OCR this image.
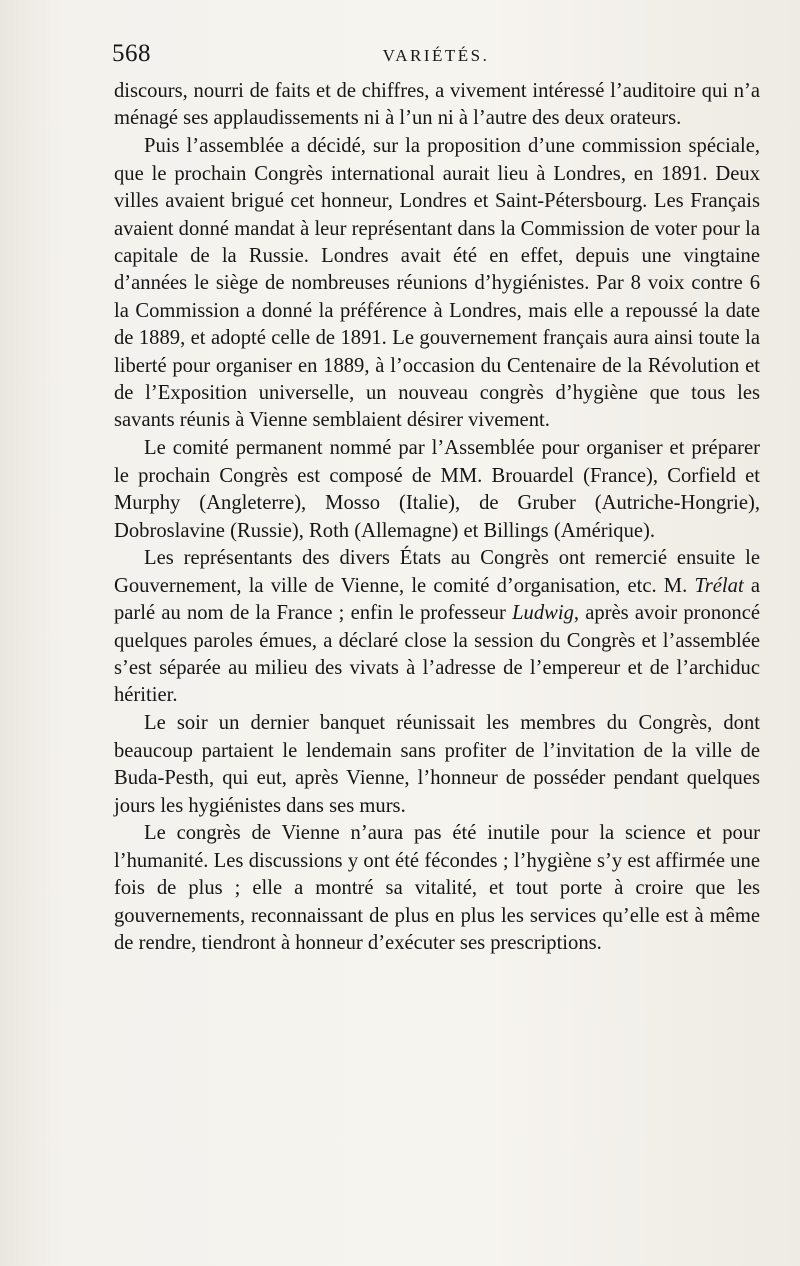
568	VARIÉTÉS.

discours, nourri de faits et de chiffres, a vivement intéressé l’auditoire qui n’a ménagé ses applaudissements ni à l’un ni à l’autre des deux orateurs.

Puis l’assemblée a décidé, sur la proposition d’une commission spéciale, que le prochain Congrès international aurait lieu à Londres, en 1891. Deux villes avaient brigué cet honneur, Londres et Saint-Pétersbourg. Les Français avaient donné mandat à leur représentant dans la Commission de voter pour la capitale de la Russie. Londres avait été en effet, depuis une vingtaine d’années le siège de nombreuses réunions d’hygiénistes. Par 8 voix contre 6 la Commission a donné la préférence à Londres, mais elle a repoussé la date de 1889, et adopté celle de 1891. Le gouvernement français aura ainsi toute la liberté pour organiser en 1889, à l’occasion du Centenaire de la Révolution et de l’Exposition universelle, un nouveau congrès d’hygiène que tous les savants réunis à Vienne semblaient désirer vivement.

Le comité permanent nommé par l’Assemblée pour organiser et préparer le prochain Congrès est composé de MM. Brouardel (France), Corfield et Murphy (Angleterre), Mosso (Italie), de Gruber (Autriche-Hongrie), Dobroslavine (Russie), Roth (Allemagne) et Billings (Amérique).

Les représentants des divers États au Congrès ont remercié ensuite le Gouvernement, la ville de Vienne, le comité d’organisation, etc. M. Trélat a parlé au nom de la France ; enfin le professeur Ludwig, après avoir prononcé quelques paroles émues, a déclaré close la session du Congrès et l’assemblée s’est séparée au milieu des vivats à l’adresse de l’empereur et de l’archiduc héritier.

Le soir un dernier banquet réunissait les membres du Congrès, dont beaucoup partaient le lendemain sans profiter de l’invitation de la ville de Buda-Pesth, qui eut, après Vienne, l’honneur de posséder pendant quelques jours les hygiénistes dans ses murs.

Le congrès de Vienne n’aura pas été inutile pour la science et pour l’humanité. Les discussions y ont été fécondes ; l’hygiène s’y est affirmée une fois de plus ; elle a montré sa vitalité, et tout porte à croire que les gouvernements, reconnaissant de plus en plus les services qu’elle est à même de rendre, tiendront à honneur d’exécuter ses prescriptions.
